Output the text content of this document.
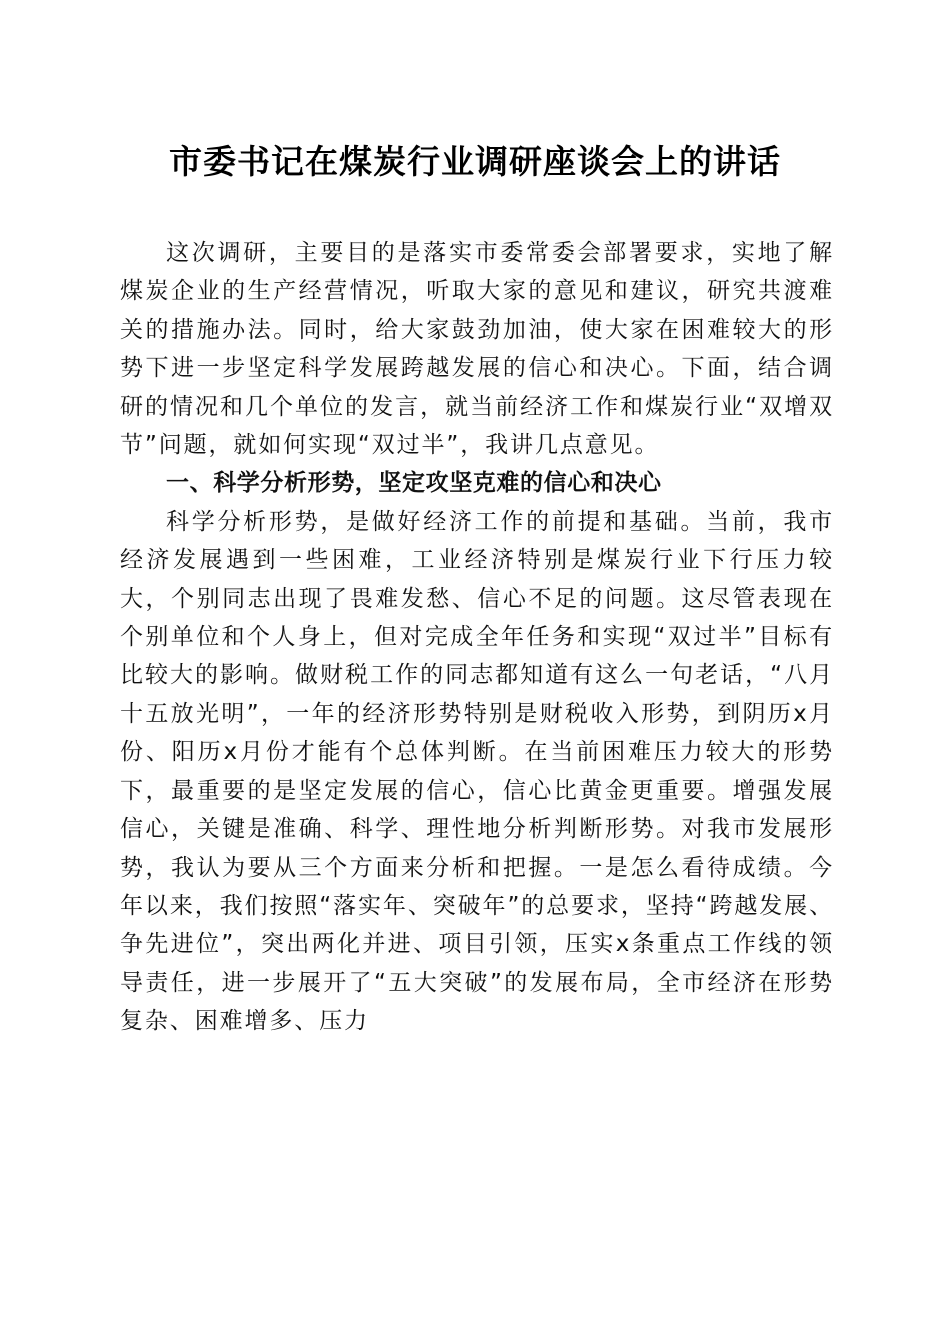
市委书记在煤炭行业调研座谈会上的讲话

这次调研，主要目的是落实市委常委会部署要求，实地了解煤炭企业的生产经营情况，听取大家的意见和建议，研究共渡难关的措施办法。同时，给大家鼓劲加油，使大家在困难较大的形势下进一步坚定科学发展跨越发展的信心和决心。下面，结合调研的情况和几个单位的发言，就当前经济工作和煤炭行业“双增双节”问题，就如何实现“双过半”，我讲几点意见。

一、科学分析形势，坚定攻坚克难的信心和决心

科学分析形势，是做好经济工作的前提和基础。当前，我市经济发展遇到一些困难，工业经济特别是煤炭行业下行压力较大，个别同志出现了畏难发愁、信心不足的问题。这尽管表现在个别单位和个人身上，但对完成全年任务和实现“双过半”目标有比较大的影响。做财税工作的同志都知道有这么一句老话，“八月十五放光明”，一年的经济形势特别是财税收入形势，到阴历x月份、阳历x月份才能有个总体判断。在当前困难压力较大的形势下，最重要的是坚定发展的信心，信心比黄金更重要。增强发展信心，关键是准确、科学、理性地分析判断形势。对我市发展形势，我认为要从三个方面来分析和把握。一是怎么看待成绩。今年以来，我们按照“落实年、突破年”的总要求，坚持“跨越发展、争先进位”，突出两化并进、项目引领，压实x条重点工作线的领导责任，进一步展开了“五大突破”的发展布局，全市经济在形势复杂、困难增多、压力
